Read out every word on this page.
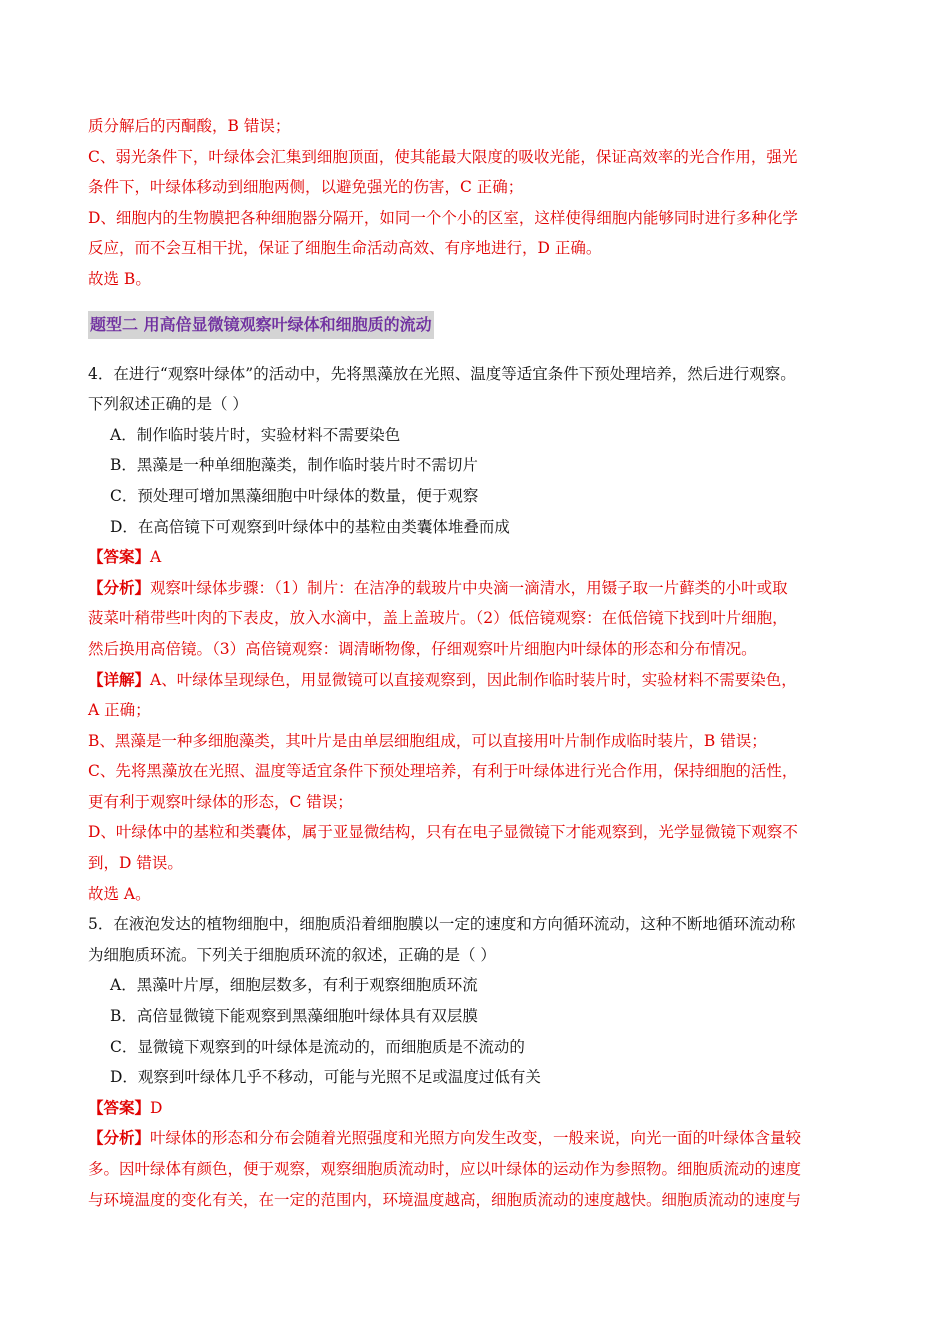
质分解后的丙酮酸，B 错误；
C、弱光条件下，叶绿体会汇集到细胞顶面，使其能最大限度的吸收光能，保证高效率的光合作用，强光
条件下，叶绿体移动到细胞两侧，以避免强光的伤害，C 正确；
D、细胞内的生物膜把各种细胞器分隔开，如同一个个小的区室，这样使得细胞内能够同时进行多种化学
反应，而不会互相干扰，保证了细胞生命活动高效、有序地进行，D 正确。
故选 B。
题型二 用高倍显微镜观察叶绿体和细胞质的流动
4．在进行“观察叶绿体”的活动中，先将黑藻放在光照、温度等适宜条件下预处理培养，然后进行观察。
下列叙述正确的是（ ）
A．制作临时装片时，实验材料不需要染色
B．黑藻是一种单细胞藻类，制作临时装片时不需切片
C．预处理可增加黑藻细胞中叶绿体的数量，便于观察
D．在高倍镜下可观察到叶绿体中的基粒由类囊体堆叠而成
【答案】A
【分析】观察叶绿体步骤：（1）制片：在洁净的载玻片中央滴一滴清水，用镊子取一片藓类的小叶或取
菠菜叶稍带些叶肉的下表皮，放入水滴中，盖上盖玻片。（2）低倍镜观察：在低倍镜下找到叶片细胞，
然后换用高倍镜。（3）高倍镜观察：调清晰物像，仔细观察叶片细胞内叶绿体的形态和分布情况。
【详解】A、叶绿体呈现绿色，用显微镜可以直接观察到，因此制作临时装片时，实验材料不需要染色，
A 正确；
B、黑藻是一种多细胞藻类，其叶片是由单层细胞组成，可以直接用叶片制作成临时装片，B 错误；
C、先将黑藻放在光照、温度等适宜条件下预处理培养，有利于叶绿体进行光合作用，保持细胞的活性，
更有利于观察叶绿体的形态，C 错误；
D、叶绿体中的基粒和类囊体，属于亚显微结构，只有在电子显微镜下才能观察到，光学显微镜下观察不
到，D 错误。
故选 A。
5．在液泡发达的植物细胞中，细胞质沿着细胞膜以一定的速度和方向循环流动，这种不断地循环流动称
为细胞质环流。下列关于细胞质环流的叙述，正确的是（ ）
A．黑藻叶片厚，细胞层数多，有利于观察细胞质环流
B．高倍显微镜下能观察到黑藻细胞叶绿体具有双层膜
C．显微镜下观察到的叶绿体是流动的，而细胞质是不流动的
D．观察到叶绿体几乎不移动，可能与光照不足或温度过低有关
【答案】D
【分析】叶绿体的形态和分布会随着光照强度和光照方向发生改变，一般来说，向光一面的叶绿体含量较
多。因叶绿体有颜色，便于观察，观察细胞质流动时，应以叶绿体的运动作为参照物。细胞质流动的速度
与环境温度的变化有关，在一定的范围内，环境温度越高，细胞质流动的速度越快。细胞质流动的速度与
